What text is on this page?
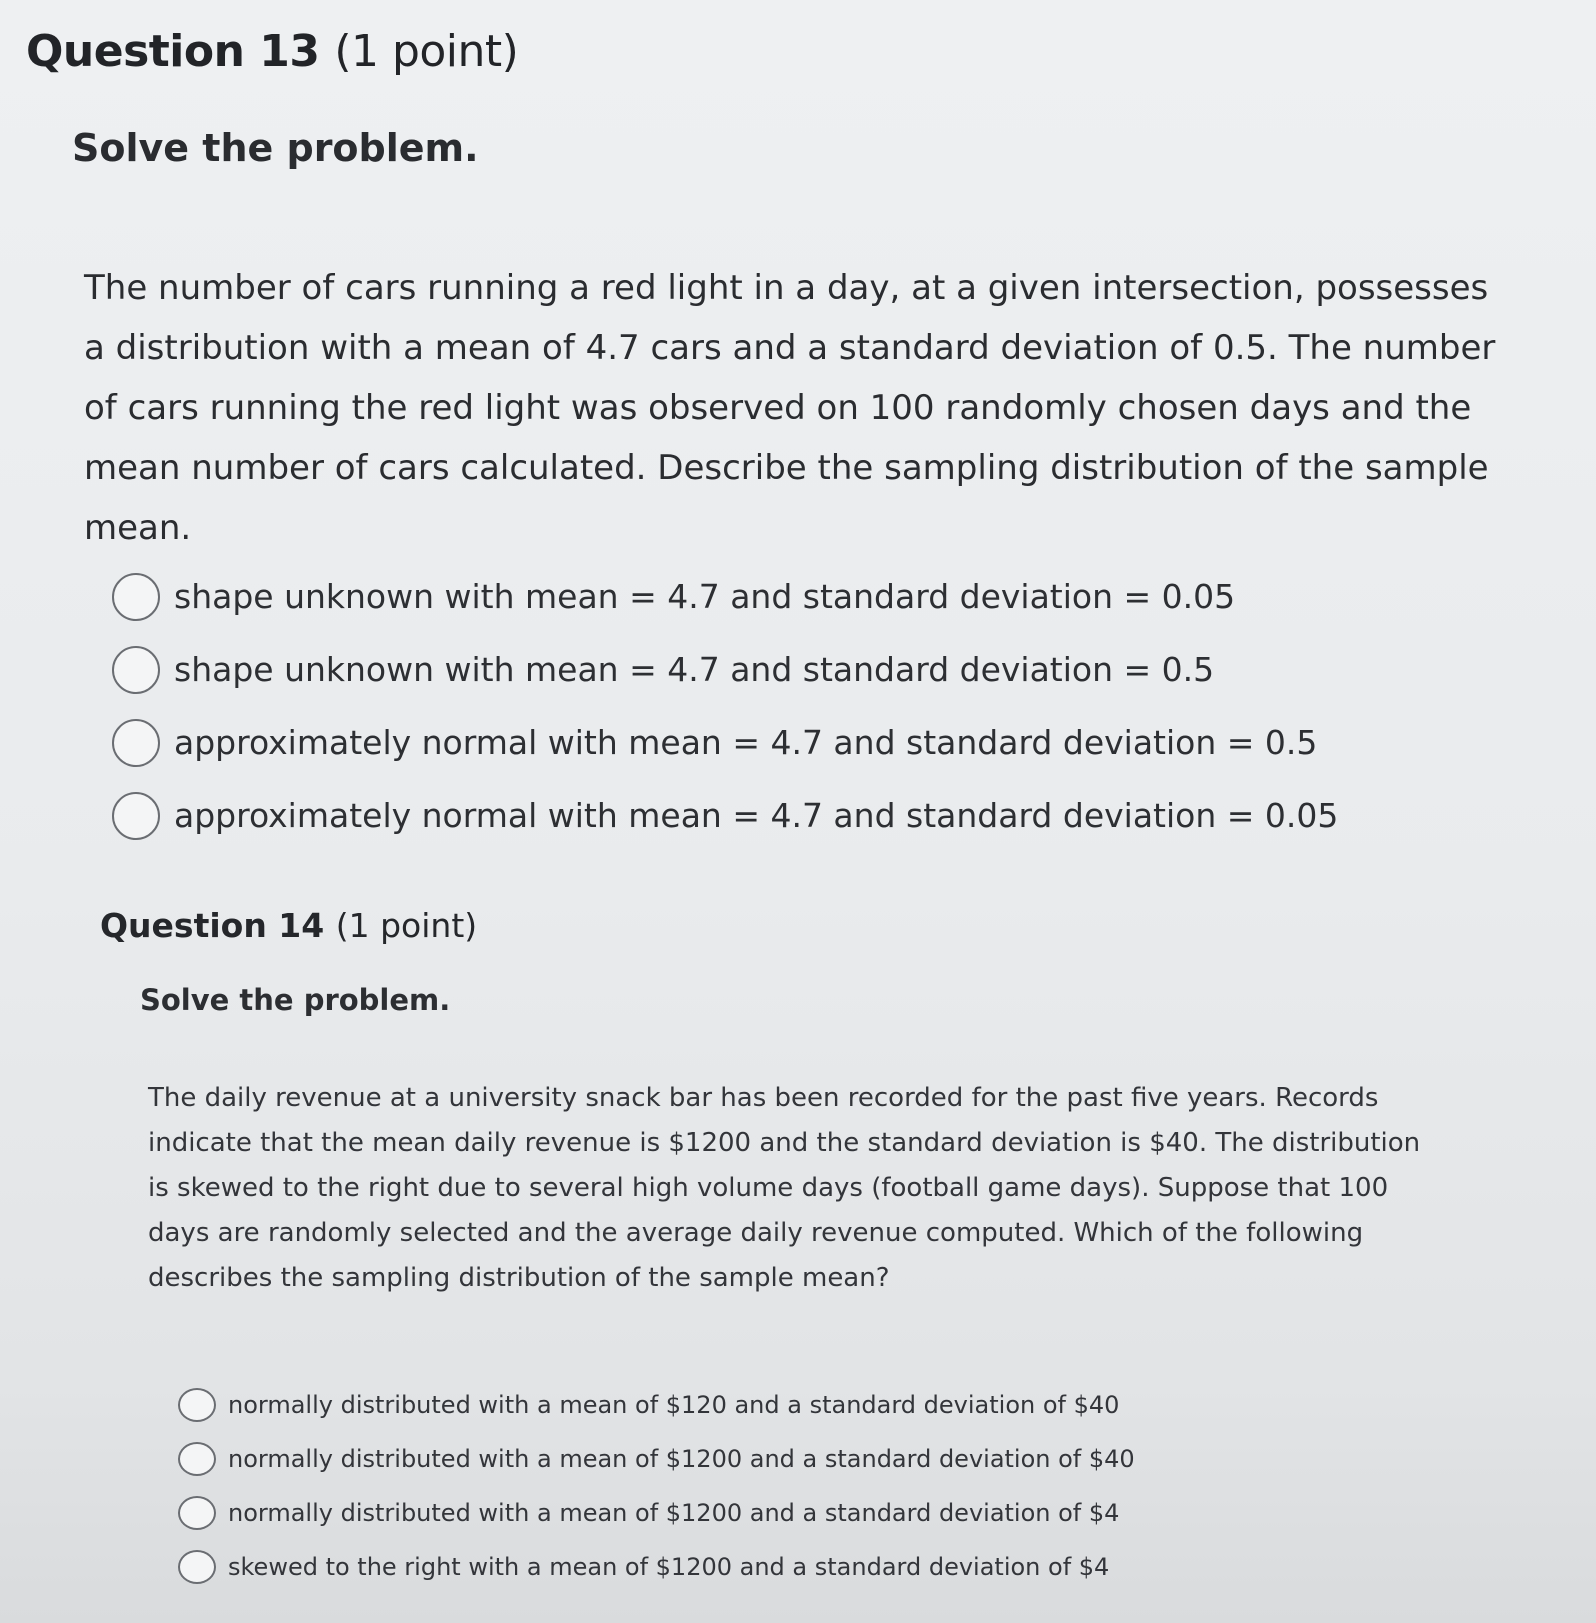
Question 13 (1 point)
Solve the problem.
The number of cars running a red light in a day, at a given intersection, possesses a distribution with a mean of 4.7 cars and a standard deviation of 0.5. The number of cars running the red light was observed on 100 randomly chosen days and the mean number of cars calculated. Describe the sampling distribution of the sample mean.
shape unknown with mean = 4.7 and standard deviation = 0.05
shape unknown with mean = 4.7 and standard deviation = 0.5
approximately normal with mean = 4.7 and standard deviation = 0.5
approximately normal with mean = 4.7 and standard deviation = 0.05
Question 14 (1 point)
Solve the problem.
The daily revenue at a university snack bar has been recorded for the past five years. Records indicate that the mean daily revenue is $1200 and the standard deviation is $40. The distribution is skewed to the right due to several high volume days (football game days). Suppose that 100 days are randomly selected and the average daily revenue computed. Which of the following describes the sampling distribution of the sample mean?
normally distributed with a mean of $120 and a standard deviation of $40
normally distributed with a mean of $1200 and a standard deviation of $40
normally distributed with a mean of $1200 and a standard deviation of $4
skewed to the right with a mean of $1200 and a standard deviation of $4
